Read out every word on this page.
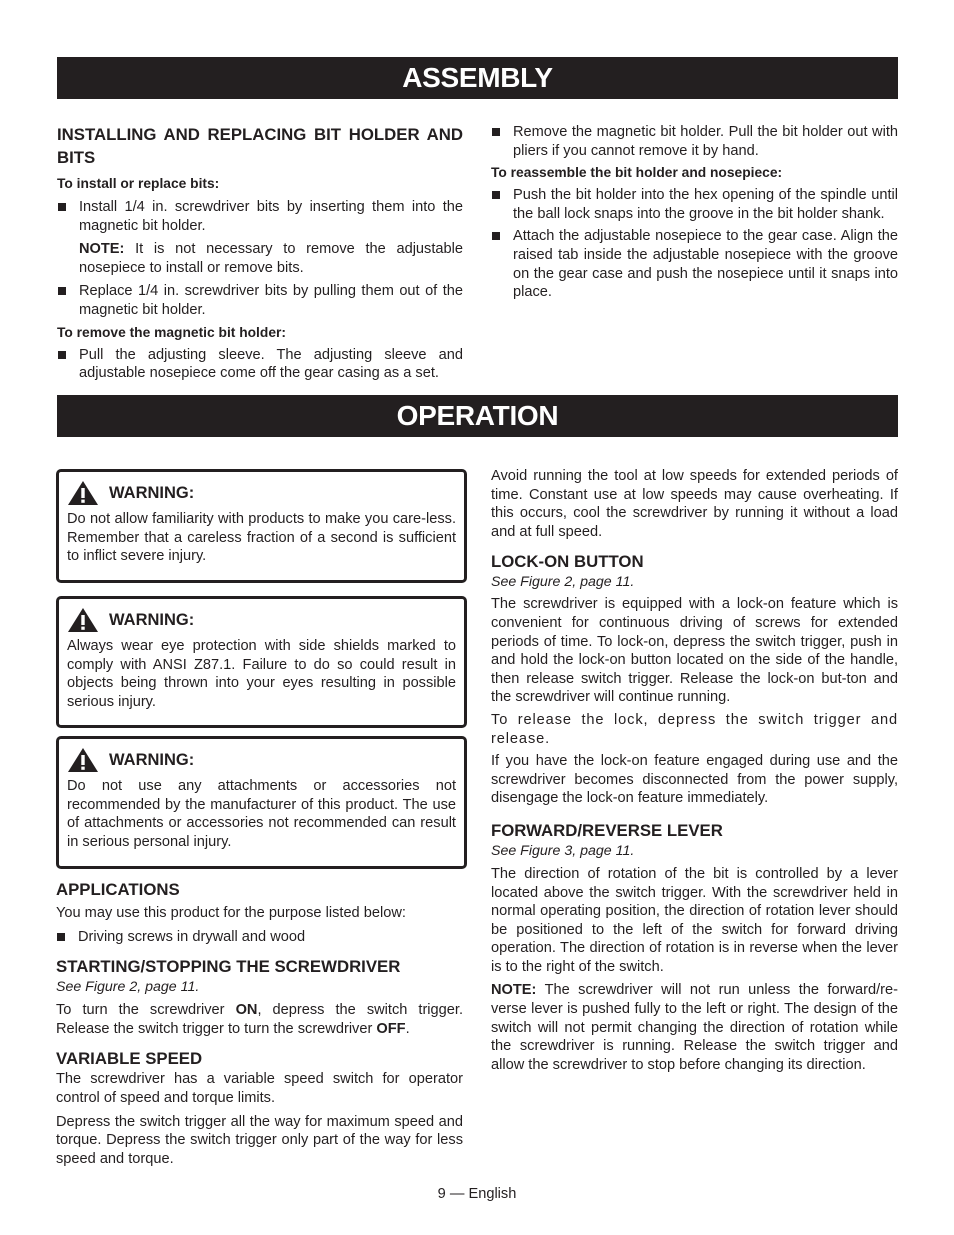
ASSEMBLY
INSTALLING AND REPLACING BIT HOLDER AND BITS
To install or replace bits:
Install 1/4 in. screwdriver bits by inserting them into the magnetic bit holder.
NOTE: It is not necessary to remove the adjustable nosepiece to install or remove bits.
Replace 1/4 in. screwdriver bits by pulling them out of the magnetic bit holder.
To remove the magnetic bit holder:
Pull the adjusting sleeve. The adjusting sleeve and adjustable nosepiece come off the gear casing as a set.
Remove the magnetic bit holder. Pull the bit holder out with pliers if you cannot remove it by hand.
To reassemble the bit holder and nosepiece:
Push the bit holder into the hex opening of the spindle until the ball lock snaps into the groove in the bit holder shank.
Attach the adjustable nosepiece to the gear case. Align the raised tab inside the adjustable nosepiece with the groove on the gear case and push the nosepiece until it snaps into place.
OPERATION
WARNING:

Do not allow familiarity with products to make you care-less. Remember that a careless fraction of a second is sufficient to inflict severe injury.

WARNING:

Always wear eye protection with side shields marked to comply with ANSI Z87.1. Failure to do so could result in objects being thrown into your eyes resulting in possible serious injury.

WARNING:

Do not use any attachments or accessories not recommended by the manufacturer of this product. The use of attachments or accessories not recommended can result in serious personal injury.

APPLICATIONS

You may use this product for the purpose listed below:

Driving screws in drywall and wood
STARTING/STOPPING THE SCREWDRIVER
See Figure 2, page 11.

To turn the screwdriver ON, depress the switch trigger. Release the switch trigger to turn the screwdriver OFF.

VARIABLE SPEED

The screwdriver has a variable speed switch for operator control of speed and torque limits.

Depress the switch trigger all the way for maximum speed and torque. Depress the switch trigger only part of the way for less speed and torque.

Avoid running the tool at low speeds for extended periods of time. Constant use at low speeds may cause overheating. If this occurs, cool the screwdriver by running it without a load and at full speed.

LOCK-ON BUTTON
See Figure 2, page 11.

The screwdriver is equipped with a lock-on feature which is convenient for continuous driving of screws for extended periods of time. To lock-on, depress the switch trigger, push in and hold the lock-on button located on the side of the handle, then release switch trigger. Release the lock-on but-ton and the screwdriver will continue running.

To release the lock, depress the switch trigger and release.

If you have the lock-on feature engaged during use and the screwdriver becomes disconnected from the power supply, disengage the lock-on feature immediately.

FORWARD/REVERSE LEVER
See Figure 3, page 11.

The direction of rotation of the bit is controlled by a lever located above the switch trigger. With the screwdriver held in normal operating position, the direction of rotation lever should be positioned to the left of the switch for forward driving operation. The direction of rotation is in reverse when the lever is to the right of the switch.

NOTE: The screwdriver will not run unless the forward/re-verse lever is pushed fully to the left or right. The design of the switch will not permit changing the direction of rotation while the screwdriver is running. Release the switch trigger and allow the screwdriver to stop before changing its direction.

9 — English
